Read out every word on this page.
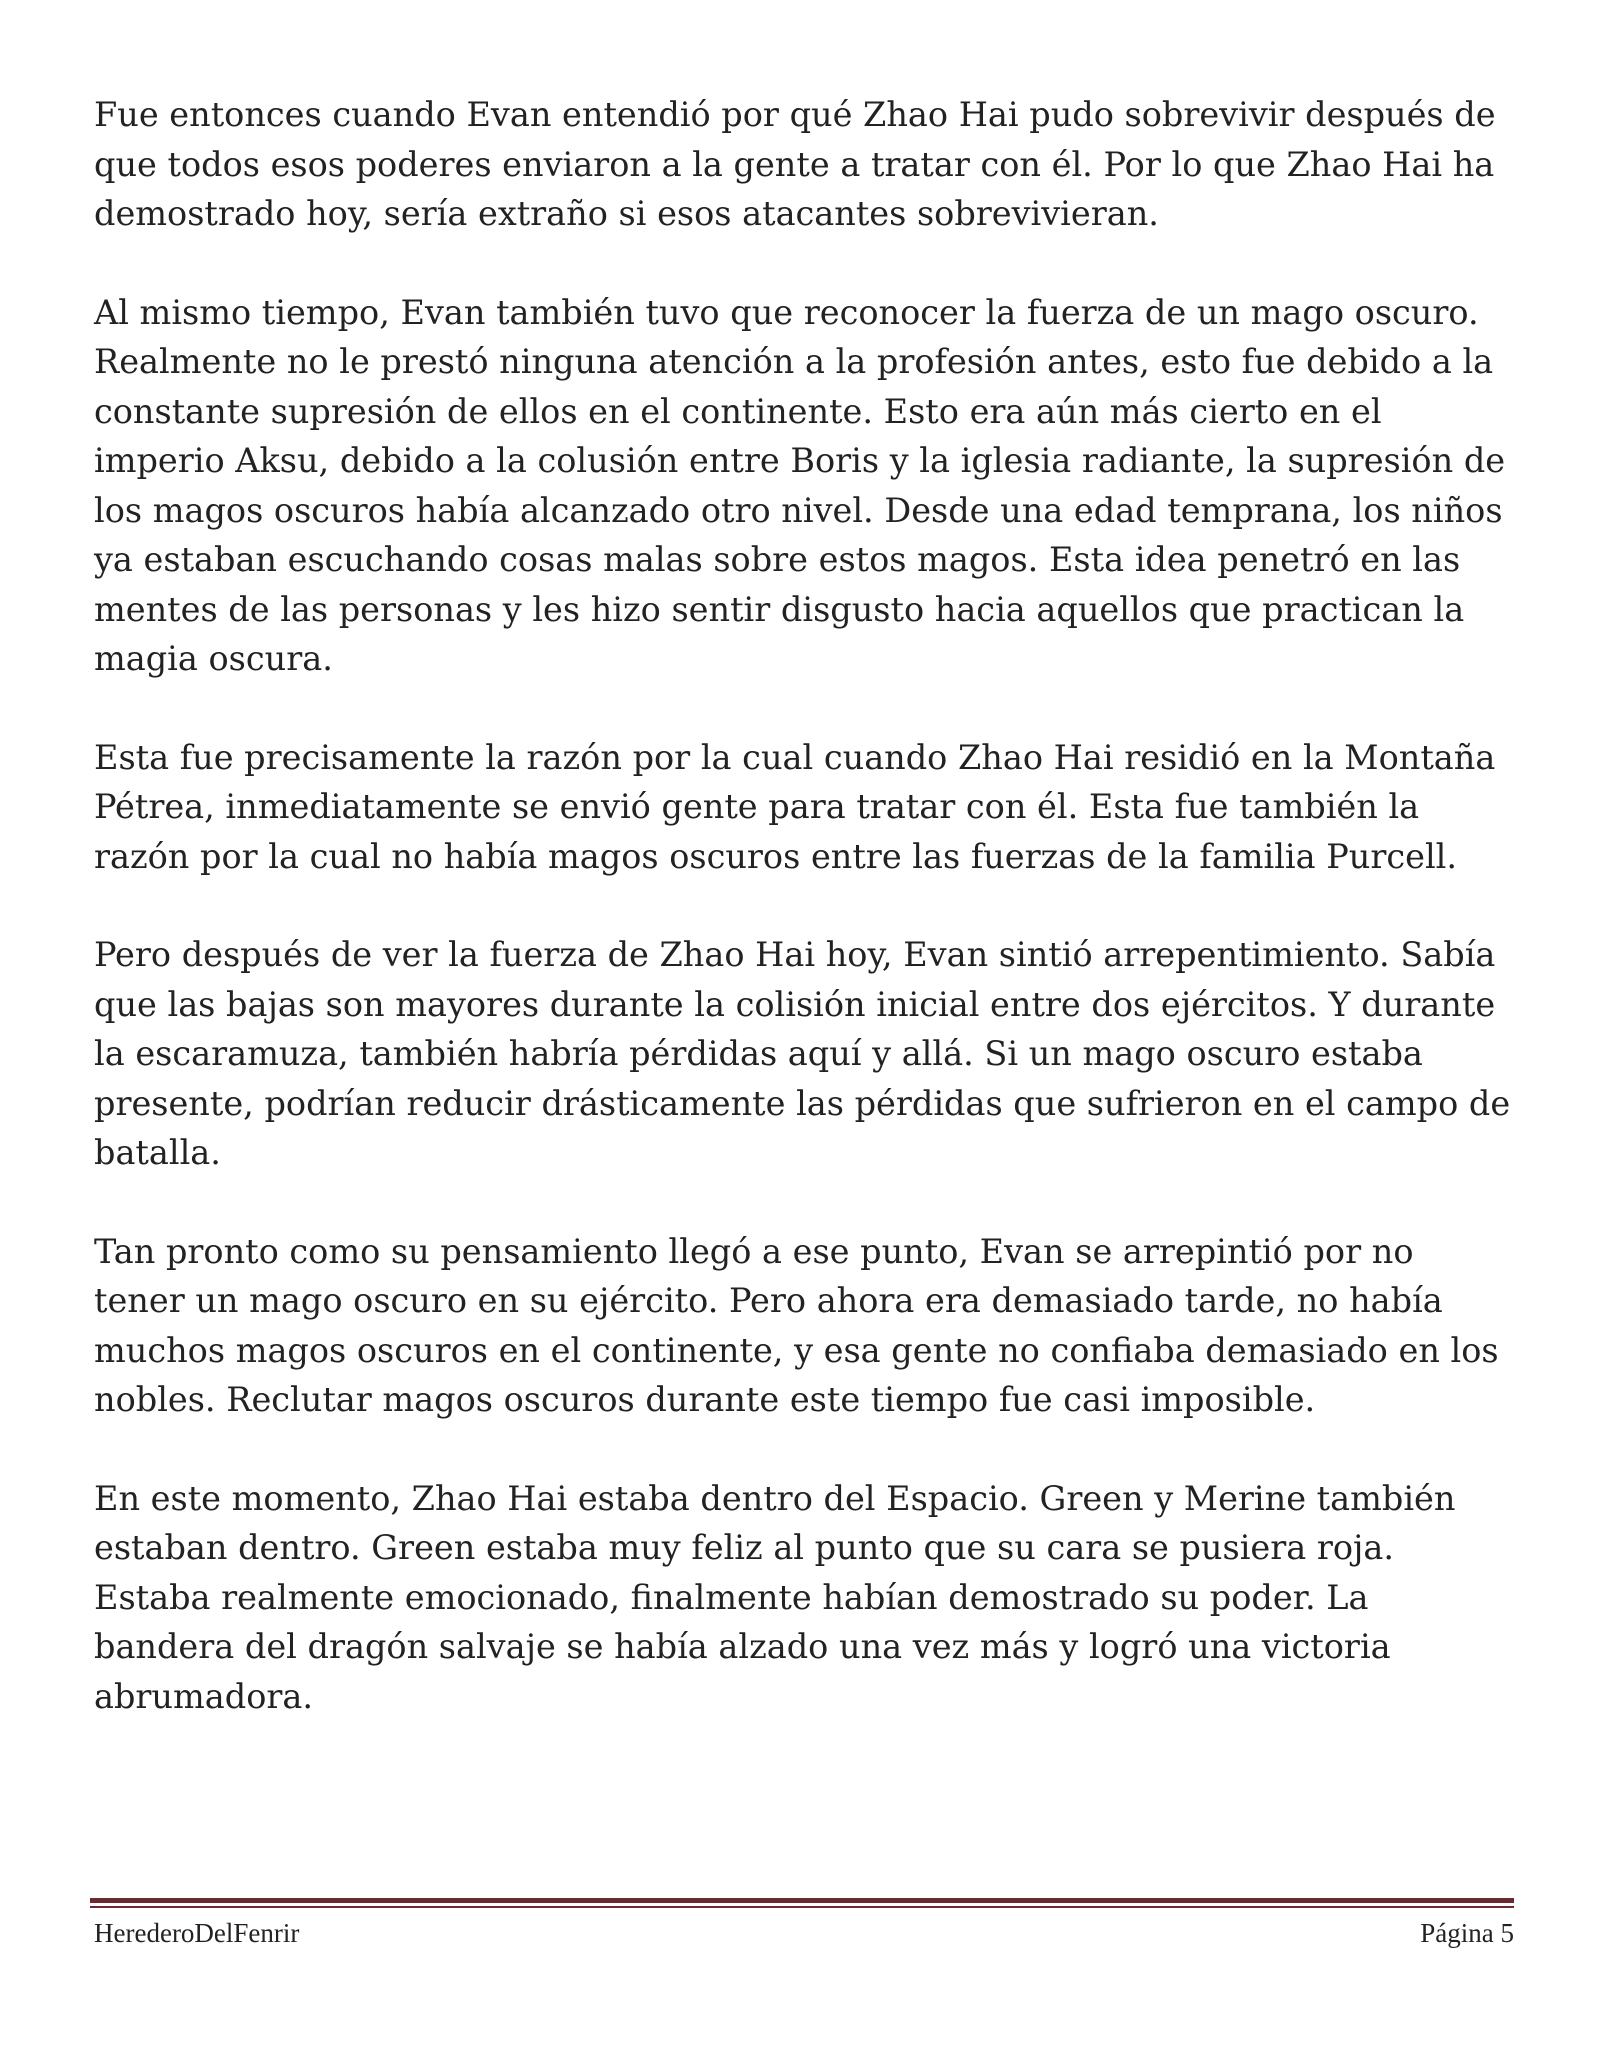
Fue entonces cuando Evan entendió por qué Zhao Hai pudo sobrevivir después de que todos esos poderes enviaron a la gente a tratar con él. Por lo que Zhao Hai ha demostrado hoy, sería extraño si esos atacantes sobrevivieran.

Al mismo tiempo, Evan también tuvo que reconocer la fuerza de un mago oscuro. Realmente no le prestó ninguna atención a la profesión antes, esto fue debido a la constante supresión de ellos en el continente. Esto era aún más cierto en el imperio Aksu, debido a la colusión entre Boris y la iglesia radiante, la supresión de los magos oscuros había alcanzado otro nivel. Desde una edad temprana, los niños ya estaban escuchando cosas malas sobre estos magos. Esta idea penetró en las mentes de las personas y les hizo sentir disgusto hacia aquellos que practican la magia oscura.

Esta fue precisamente la razón por la cual cuando Zhao Hai residió en la Montaña Pétrea, inmediatamente se envió gente para tratar con él. Esta fue también la razón por la cual no había magos oscuros entre las fuerzas de la familia Purcell.

Pero después de ver la fuerza de Zhao Hai hoy, Evan sintió arrepentimiento. Sabía que las bajas son mayores durante la colisión inicial entre dos ejércitos. Y durante la escaramuza, también habría pérdidas aquí y allá. Si un mago oscuro estaba presente, podrían reducir drásticamente las pérdidas que sufrieron en el campo de batalla.

Tan pronto como su pensamiento llegó a ese punto, Evan se arrepintió por no tener un mago oscuro en su ejército. Pero ahora era demasiado tarde, no había muchos magos oscuros en el continente, y esa gente no confiaba demasiado en los nobles. Reclutar magos oscuros durante este tiempo fue casi imposible.

En este momento, Zhao Hai estaba dentro del Espacio. Green y Merine también estaban dentro. Green estaba muy feliz al punto que su cara se pusiera roja. Estaba realmente emocionado, finalmente habían demostrado su poder. La bandera del dragón salvaje se había alzado una vez más y logró una victoria abrumadora.

HerederoDelFenrir	Página 5
